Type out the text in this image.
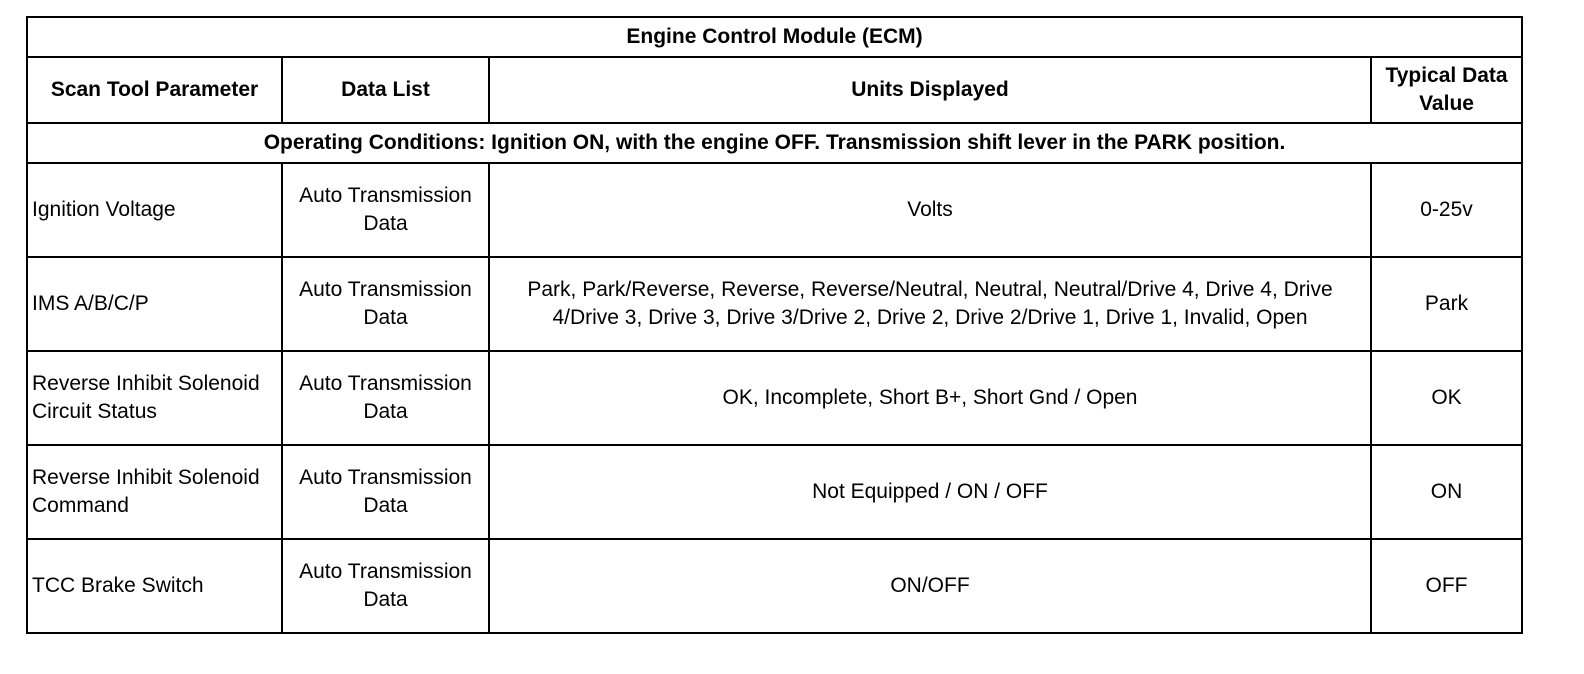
Engine Control Module (ECM)			
Scan Tool Parameter	Data List	Units Displayed	Typical Data Value
Operating Conditions: Ignition ON, with the engine OFF. Transmission shift lever in the PARK position.			
Ignition Voltage	Auto Transmission Data	Volts	0-25v
IMS A/B/C/P	Auto Transmission Data	Park, Park/Reverse, Reverse, Reverse/Neutral, Neutral, Neutral/Drive 4, Drive 4, Drive 4/Drive 3, Drive 3, Drive 3/Drive 2, Drive 2, Drive 2/Drive 1, Drive 1, Invalid, Open	Park
Reverse Inhibit Solenoid Circuit Status	Auto Transmission Data	OK, Incomplete, Short B+, Short Gnd / Open	OK
Reverse Inhibit Solenoid Command	Auto Transmission Data	Not Equipped / ON / OFF	ON
TCC Brake Switch	Auto Transmission Data	ON/OFF	OFF
